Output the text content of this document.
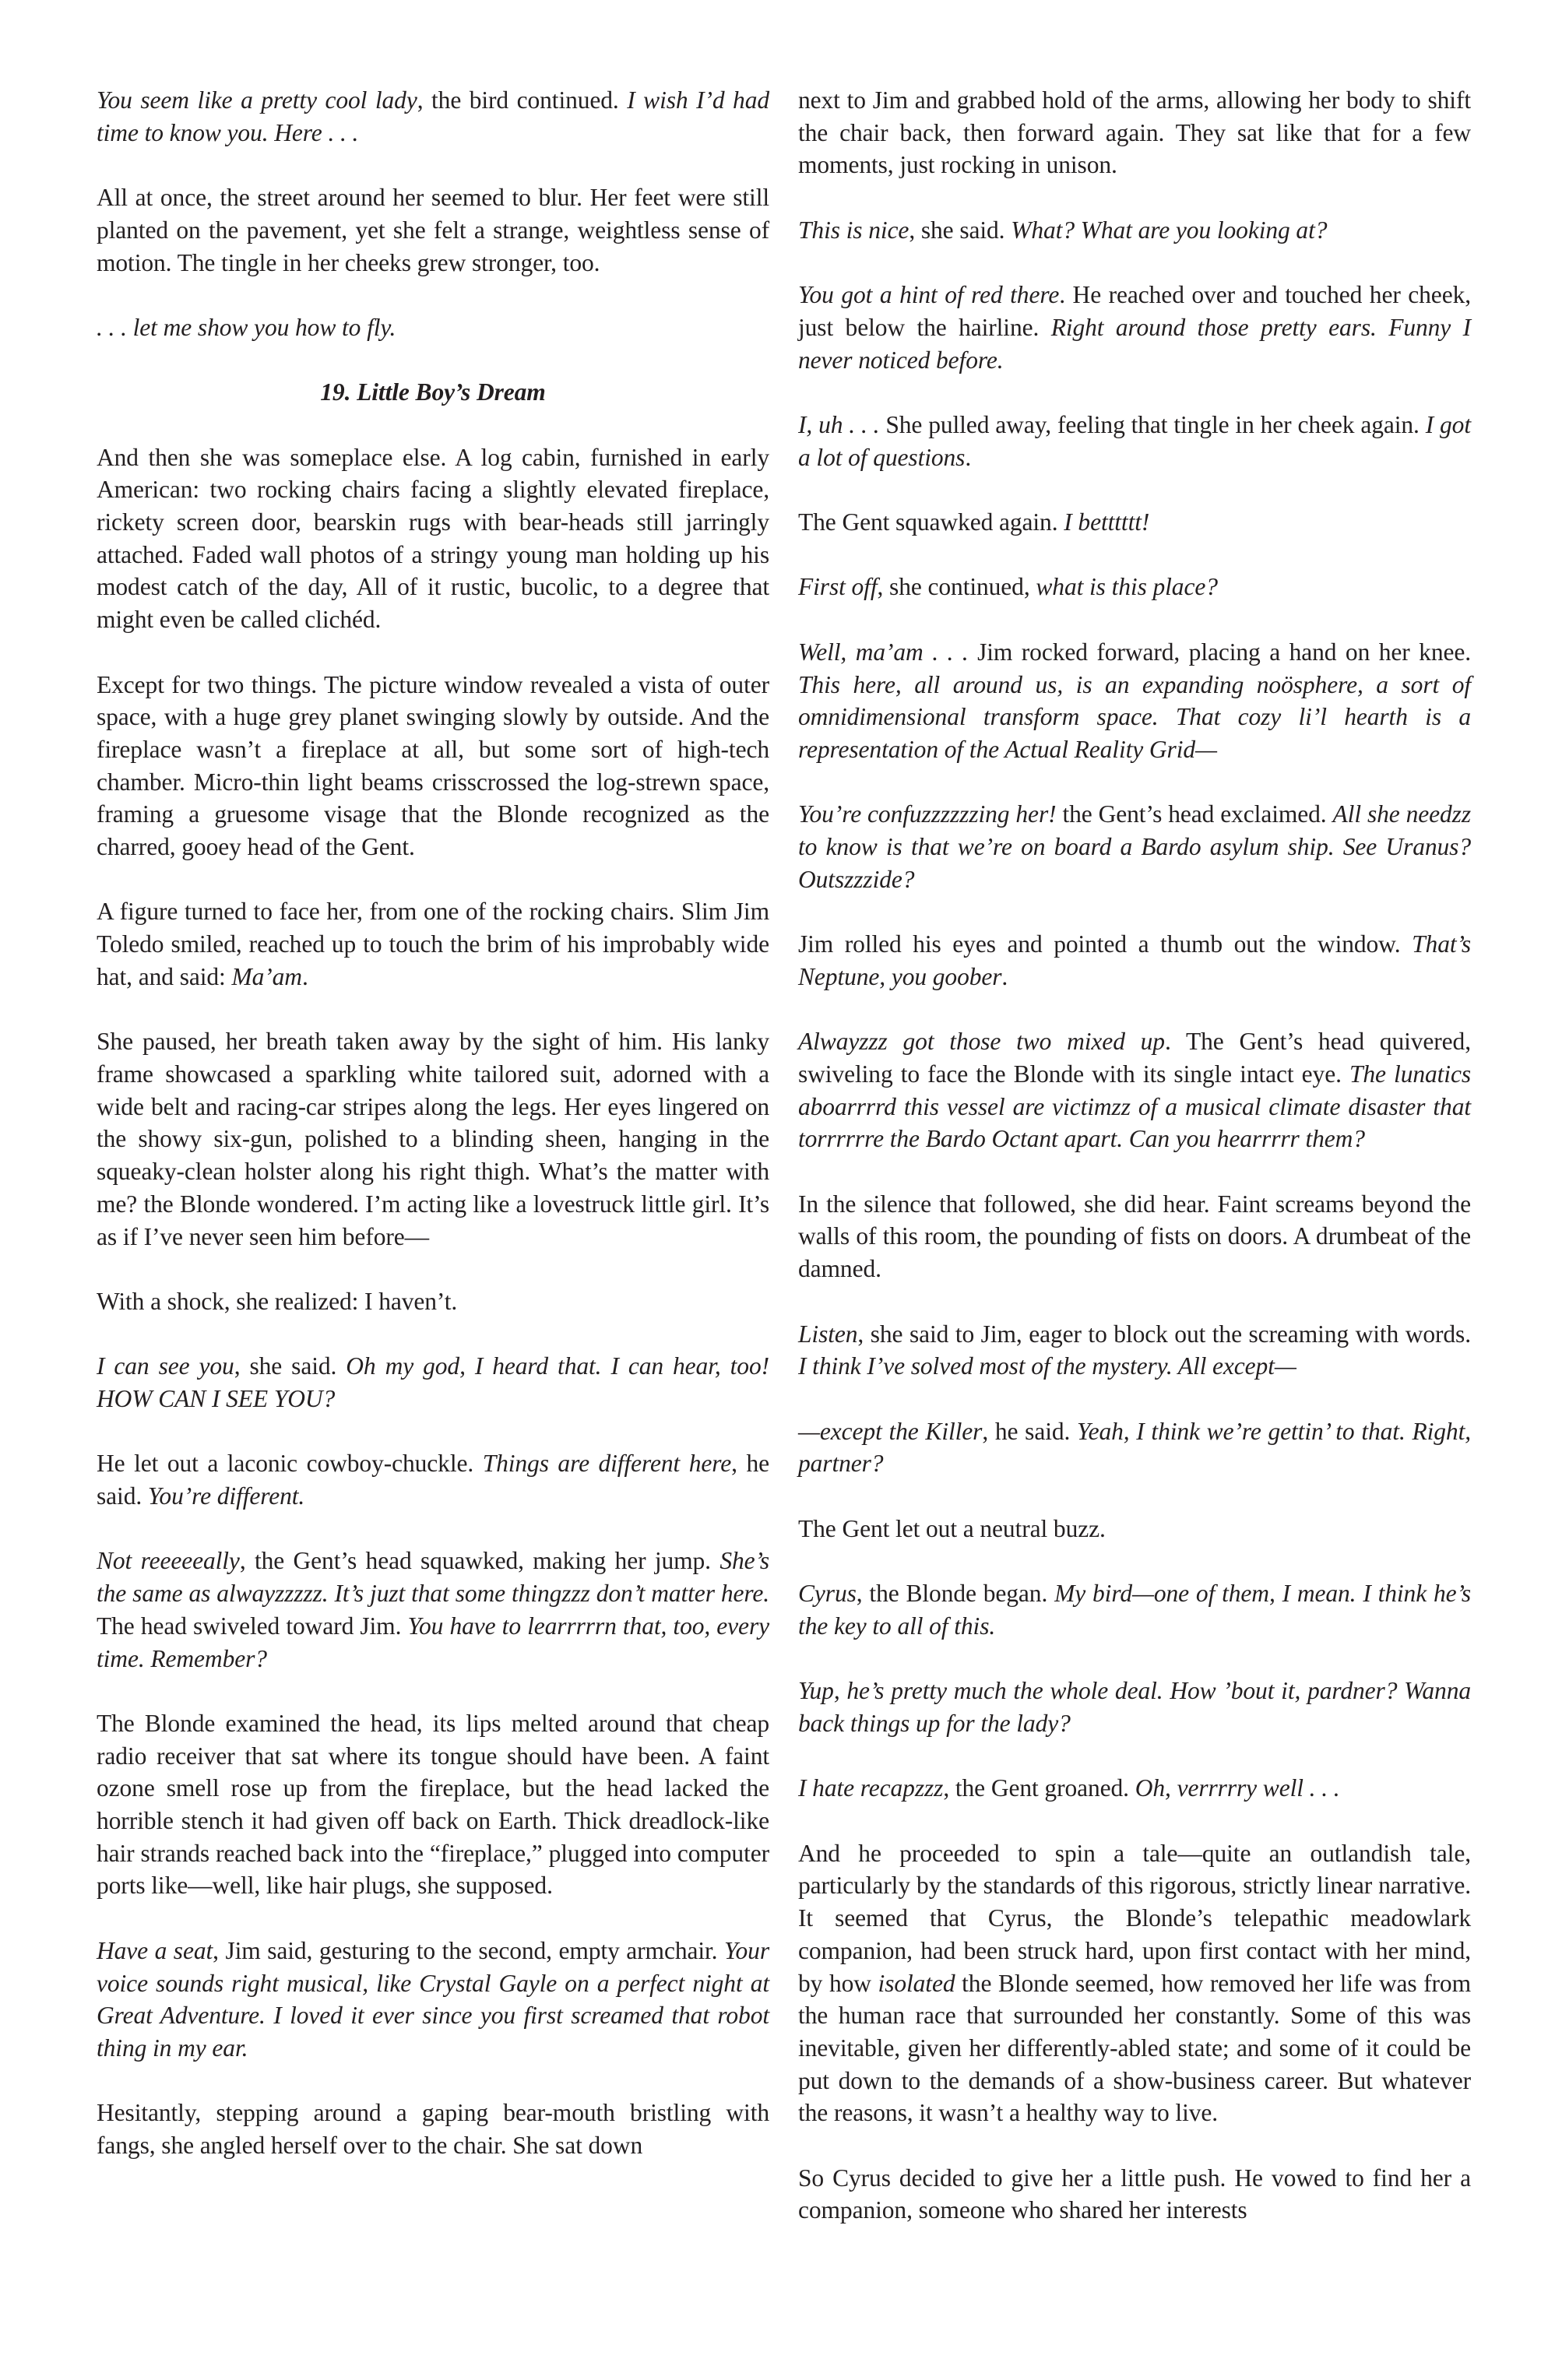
You seem like a pretty cool lady, the bird continued. I wish I’d had time to know you. Here . . .

All at once, the street around her seemed to blur. Her feet were still planted on the pavement, yet she felt a strange, weightless sense of motion. The tingle in her cheeks grew stronger, too.

. . . let me show you how to fly.

19. Little Boy’s Dream

And then she was someplace else. A log cabin, furnished in early American: two rocking chairs facing a slightly elevated fireplace, rickety screen door, bearskin rugs with bear-heads still jarringly attached. Faded wall photos of a stringy young man holding up his modest catch of the day, All of it rustic, bucolic, to a degree that might even be called clichéd.

Except for two things. The picture window revealed a vista of outer space, with a huge grey planet swinging slowly by outside. And the fireplace wasn’t a fireplace at all, but some sort of high-tech chamber. Micro-thin light beams crisscrossed the log-strewn space, framing a gruesome visage that the Blonde recognized as the charred, gooey head of the Gent.

A figure turned to face her, from one of the rocking chairs. Slim Jim Toledo smiled, reached up to touch the brim of his improbably wide hat, and said: Ma’am.

She paused, her breath taken away by the sight of him. His lanky frame showcased a sparkling white tailored suit, adorned with a wide belt and racing-car stripes along the legs. Her eyes lingered on the showy six-gun, polished to a blinding sheen, hanging in the squeaky-clean holster along his right thigh. What’s the matter with me? the Blonde wondered. I’m acting like a lovestruck little girl. It’s as if I’ve never seen him before—

With a shock, she realized: I haven’t.

I can see you, she said. Oh my god, I heard that. I can hear, too! HOW CAN I SEE YOU?

He let out a laconic cowboy-chuckle. Things are different here, he said. You’re different.

Not reeeeeally, the Gent’s head squawked, making her jump. She’s the same as alwayzzzzz. It’s juzt that some thingzzz don’t matter here. The head swiveled toward Jim. You have to learrrrrn that, too, every time. Remember?

The Blonde examined the head, its lips melted around that cheap radio receiver that sat where its tongue should have been. A faint ozone smell rose up from the fireplace, but the head lacked the horrible stench it had given off back on Earth. Thick dreadlock-like hair strands reached back into the “fireplace,” plugged into computer ports like—well, like hair plugs, she supposed.

Have a seat, Jim said, gesturing to the second, empty armchair. Your voice sounds right musical, like Crystal Gayle on a perfect night at Great Adventure. I loved it ever since you first screamed that robot thing in my ear.

Hesitantly, stepping around a gaping bear-mouth bristling with fangs, she angled herself over to the chair. She sat down

next to Jim and grabbed hold of the arms, allowing her body to shift the chair back, then forward again. They sat like that for a few moments, just rocking in unison.

This is nice, she said. What? What are you looking at?

You got a hint of red there. He reached over and touched her cheek, just below the hairline. Right around those pretty ears. Funny I never noticed before.

I, uh . . . She pulled away, feeling that tingle in her cheek again. I got a lot of questions.

The Gent squawked again. I betttttt!

First off, she continued, what is this place?

Well, ma’am . . . Jim rocked forward, placing a hand on her knee. This here, all around us, is an expanding noösphere, a sort of omnidimensional transform space. That cozy li’l hearth is a representation of the Actual Reality Grid—

You’re confuzzzzzzing her! the Gent’s head exclaimed. All she needzz to know is that we’re on board a Bardo asylum ship. See Uranus? Outszzzide?

Jim rolled his eyes and pointed a thumb out the window. That’s Neptune, you goober.

Alwayzzz got those two mixed up. The Gent’s head quivered, swiveling to face the Blonde with its single intact eye. The lunatics aboarrrrd this vessel are victimzz of a musical climate disaster that torrrrrre the Bardo Octant apart. Can you hearrrrr them?

In the silence that followed, she did hear. Faint screams beyond the walls of this room, the pounding of fists on doors. A drumbeat of the damned.

Listen, she said to Jim, eager to block out the screaming with words. I think I’ve solved most of the mystery. All except—

—except the Killer, he said. Yeah, I think we’re gettin’ to that. Right, partner?

The Gent let out a neutral buzz.

Cyrus, the Blonde began. My bird—one of them, I mean. I think he’s the key to all of this.

Yup, he’s pretty much the whole deal. How ’bout it, pardner? Wanna back things up for the lady?

I hate recapzzz, the Gent groaned. Oh, verrrrry well . . .

And he proceeded to spin a tale—quite an outlandish tale, particularly by the standards of this rigorous, strictly linear narrative. It seemed that Cyrus, the Blonde’s telepathic meadowlark companion, had been struck hard, upon first contact with her mind, by how isolated the Blonde seemed, how removed her life was from the human race that surrounded her constantly. Some of this was inevitable, given her differently-abled state; and some of it could be put down to the demands of a show-business career. But whatever the reasons, it wasn’t a healthy way to live.

So Cyrus decided to give her a little push. He vowed to find her a companion, someone who shared her interests
